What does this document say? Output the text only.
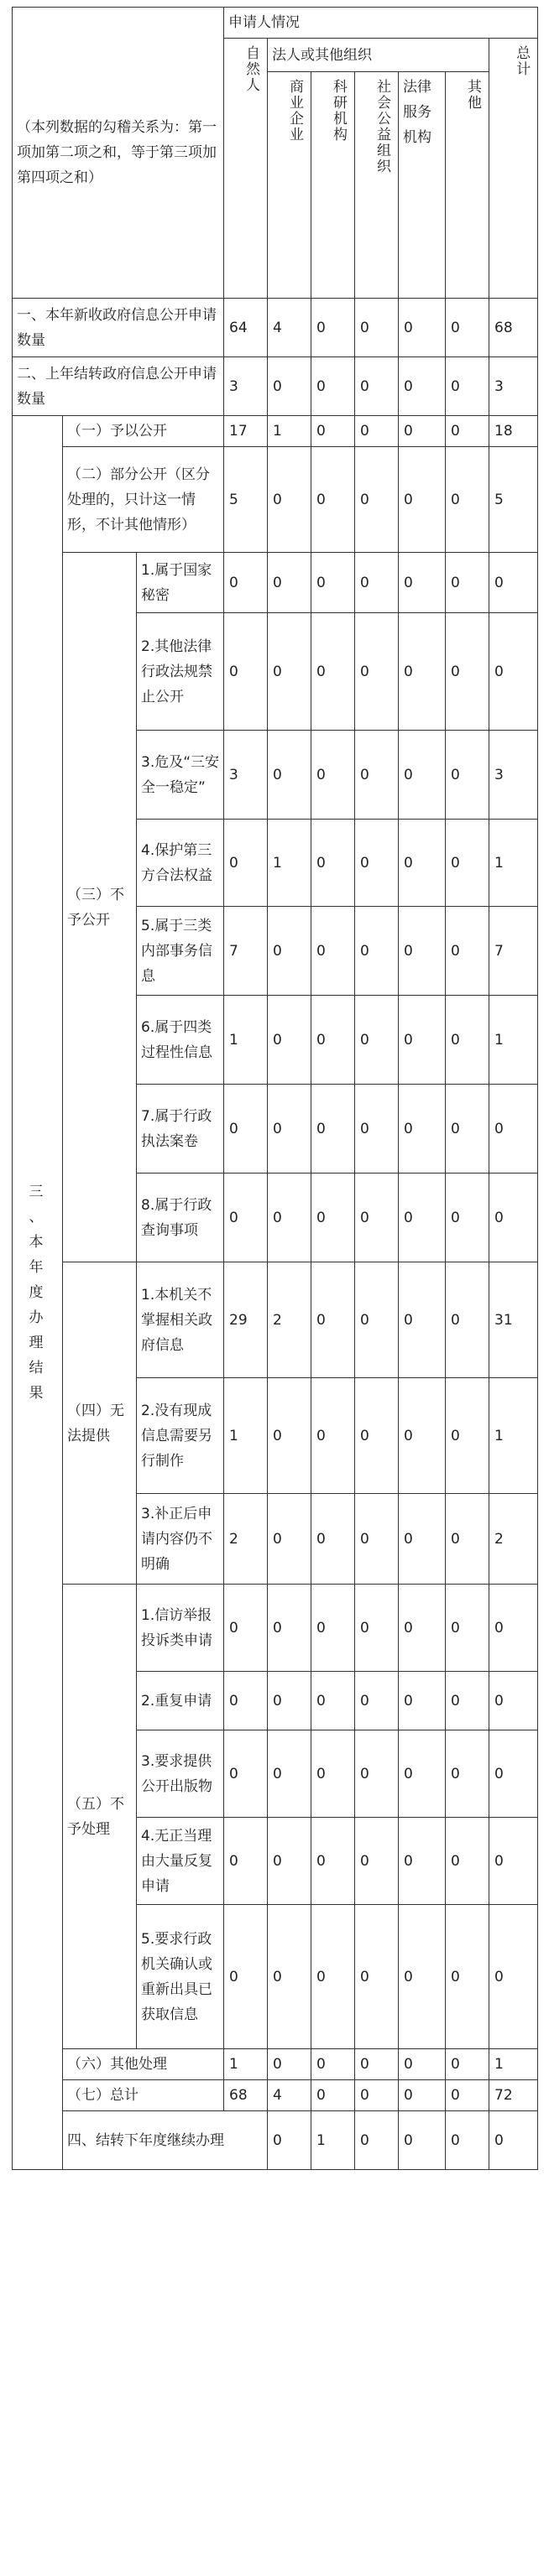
（本列数据的勾稽关系为：第一项加第二项之和，等于第三项加第四项之和）			申请人情况							
			自然人	法人或其他组织					总计	
				商业企业	科研机构	社会公益组织	法律服务机构	其他		
一、本年新收政府信息公开申请数量			64	4	0	0	0	0	68	
二、上年结转政府信息公开申请数量			3	0	0	0	0	0	3	

三、本年度办理结果	（一）予以公开		17	1	0	0	0	0	18	
	（二）部分公开（区分处理的，只计这一情形，不计其他情形）		5	0	0	0	0	0	5	
	（三）不予公开	1.属于国家秘密	0	0	0	0	0	0	0	
		2.其他法律行政法规禁止公开	0	0	0	0	0	0	0	
		3.危及“三安全一稳定”	3	0	0	0	0	0	3	
		4.保护第三方合法权益	0	1	0	0	0	0	1	
		5.属于三类内部事务信息	7	0	0	0	0	0	7	
		6.属于四类过程性信息	1	0	0	0	0	0	1	
		7.属于行政执法案卷	0	0	0	0	0	0	0	
		8.属于行政查询事项	0	0	0	0	0	0	0	
	（四）无法提供	1.本机关不掌握相关政府信息	29	2	0	0	0	0	31	
		2.没有现成信息需要另行制作	1	0	0	0	0	0	1	
		3.补正后申请内容仍不明确	2	0	0	0	0	0	2	
	（五）不予处理	1.信访举报投诉类申请	0	0	0	0	0	0	0	
		2.重复申请	0	0	0	0	0	0	0	
		3.要求提供公开出版物	0	0	0	0	0	0	0	
		4.无正当理由大量反复申请	0	0	0	0	0	0	0	
		5.要求行政机关确认或重新出具已获取信息	0	0	0	0	0	0	0	
	（六）其他处理		1	0	0	0	0	0	1	
	（七）总计		68	4	0	0	0	0	72	
	四、结转下年度继续办理			0	1	0	0	0	0	
